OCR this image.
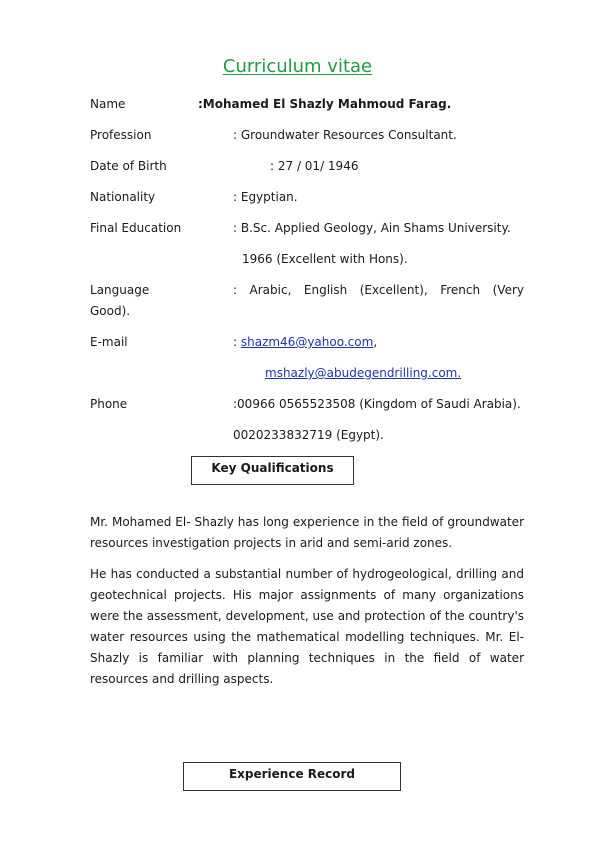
Curriculum vitae
Name	:Mohamed El Shazly Mahmoud Farag.
Profession	: Groundwater Resources Consultant.
Date of Birth	: 27 / 01/ 1946
Nationality	: Egyptian.
Final Education	: B.Sc. Applied Geology, Ain Shams University.
1966 (Excellent with Hons).
Language	: Arabic, English (Excellent), French (Very
Good).
E-mail	: shazm46@yahoo.com,
mshazly@abudegendrilling.com.
Phone	:00966 0565523508 (Kingdom of Saudi Arabia).
0020233832719 (Egypt).
Key Qualifications
Mr. Mohamed El- Shazly has long experience in the field of groundwater resources investigation projects in arid and semi-arid zones.
He has conducted a substantial number of hydrogeological, drilling and geotechnical projects. His major assignments of many organizations were the assessment, development, use and protection of the country's water resources using the mathematical modelling techniques. Mr. El-Shazly is familiar with planning techniques in the field of water resources and drilling aspects.
Experience Record
